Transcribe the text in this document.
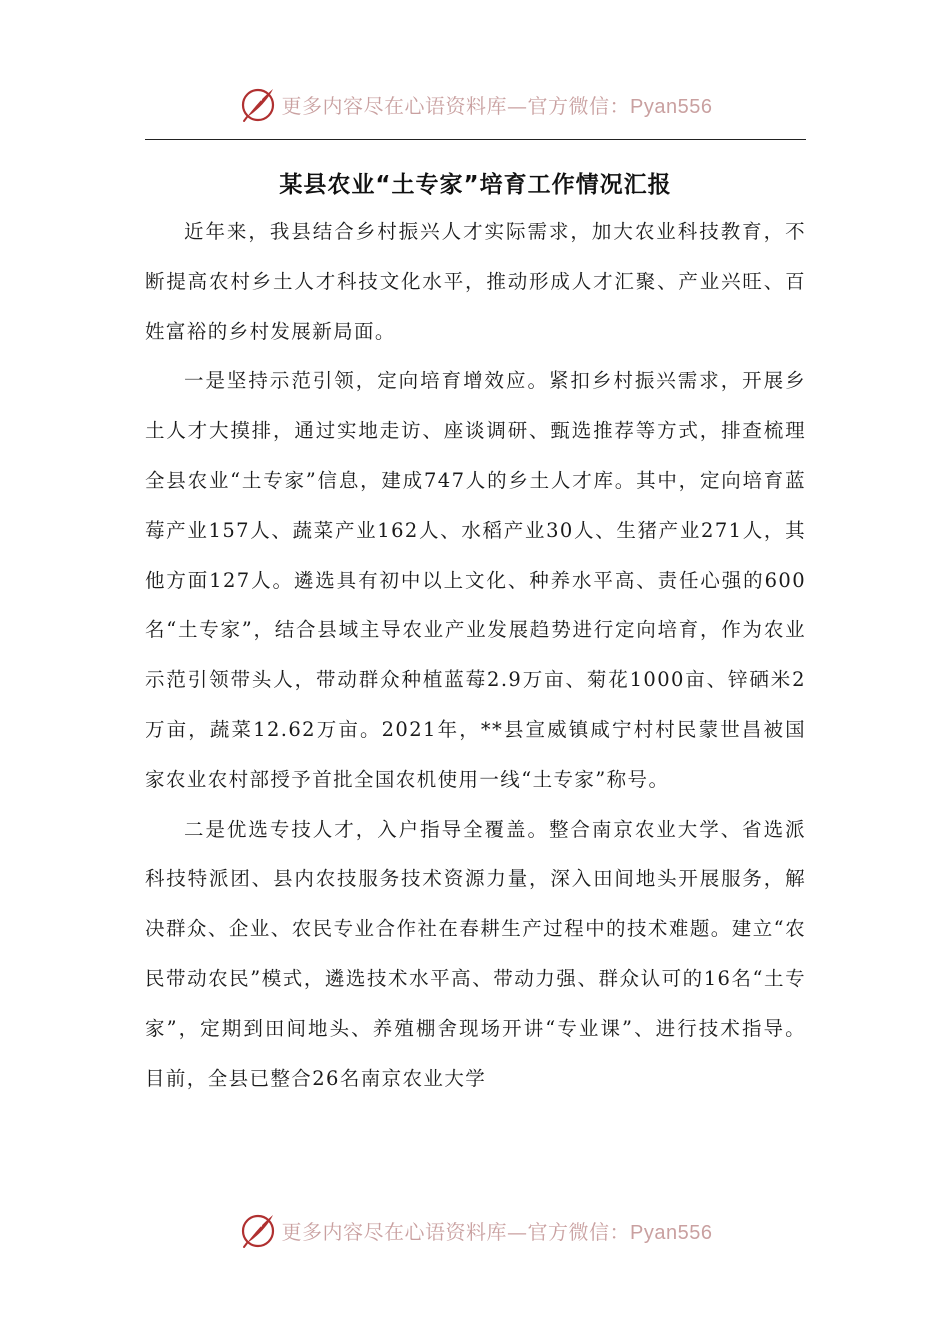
更多内容尽在心语资料库—官方微信：Pyan556
某县农业“土专家”培育工作情况汇报

近年来，我县结合乡村振兴人才实际需求，加大农业科技教育，不断提高农村乡土人才科技文化水平，推动形成人才汇聚、产业兴旺、百姓富裕的乡村发展新局面。

一是坚持示范引领，定向培育增效应。紧扣乡村振兴需求，开展乡土人才大摸排，通过实地走访、座谈调研、甄选推荐等方式，排查梳理全县农业“土专家”信息，建成747人的乡土人才库。其中，定向培育蓝莓产业157人、蔬菜产业162人、水稻产业30人、生猪产业271人，其他方面127人。遴选具有初中以上文化、种养水平高、责任心强的600名“土专家”，结合县域主导农业产业发展趋势进行定向培育，作为农业示范引领带头人，带动群众种植蓝莓2.9万亩、菊花1000亩、锌硒米2万亩，蔬菜12.62万亩。2021年，**县宣威镇咸宁村村民蒙世昌被国家农业农村部授予首批全国农机使用一线“土专家”称号。

二是优选专技人才，入户指导全覆盖。整合南京农业大学、省选派科技特派团、县内农技服务技术资源力量，深入田间地头开展服务，解决群众、企业、农民专业合作社在春耕生产过程中的技术难题。建立“农民带动农民”模式，遴选技术水平高、带动力强、群众认可的16名“土专家”，定期到田间地头、养殖棚舍现场开讲“专业课”、进行技术指导。目前，全县已整合26名南京农业大学

更多内容尽在心语资料库—官方微信：Pyan556
